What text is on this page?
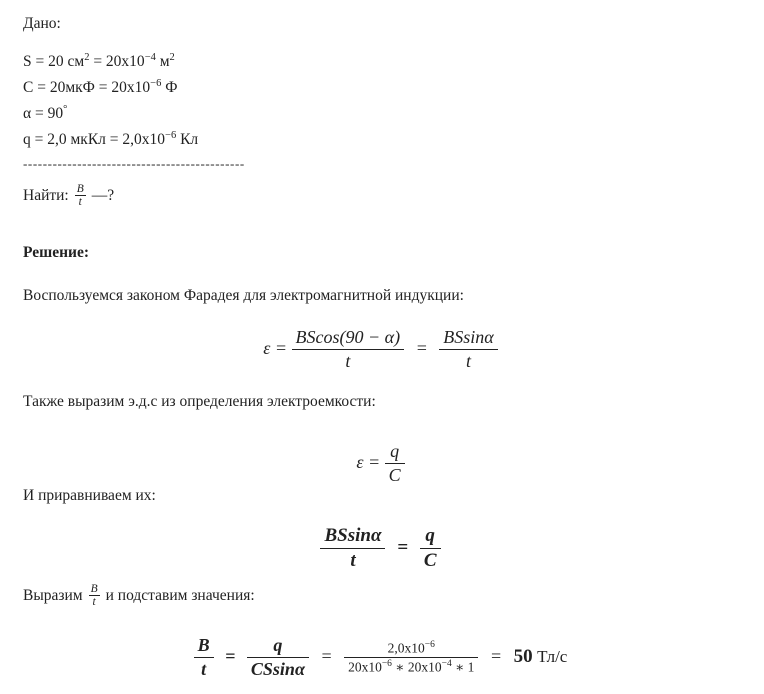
Дано:
S = 20 $см^2 = 20x10^{-4}$ $м^2$
$C = 20мкФ = 20x10^{-6}$ Ф
α = 90°
q = 2,0 мкКл = $2,0x10^{-6}$ Кл
---------------------------------------------
Найти: $\frac{B}{t}$ —?
Решение:
Воспользуемся законом Фарадея для электромагнитной индукции:
$\varepsilon = \frac{BScos(90 - \alpha)}{t} = \frac{BSsin\alpha}{t}$
Также выразим э.д.с из определения электроемкости:
$\varepsilon = \frac{q}{C}$
И приравниваем их:
$\frac{BSsin\alpha}{t} = \frac{q}{C}$
Выразим $\frac{B}{t}$ и подставим значения:
$\frac{B}{t} = \frac{q}{CSsin\alpha} = \frac{2,0x10^{-6}}{20x10^{-6} ∗ 20x10^{-4} ∗ 1} = 50$ Тл/с
